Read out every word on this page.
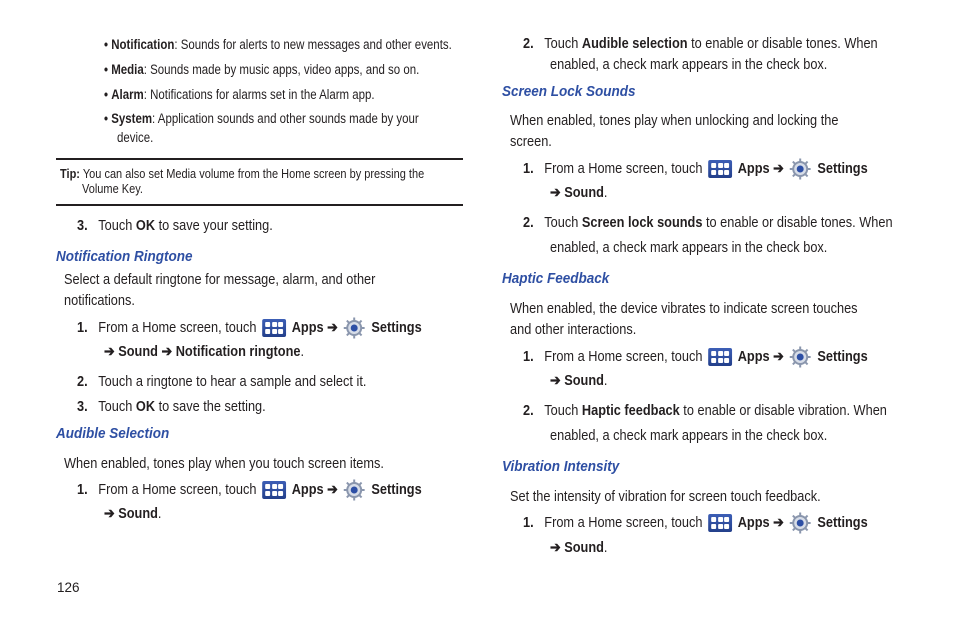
• Notification: Sounds for alerts to new messages and other events.
• Media: Sounds made by music apps, video apps, and so on.
• Alarm: Notifications for alarms set in the Alarm app.
• System: Application sounds and other sounds made by your
device.
Tip: You can also set Media volume from the Home screen by pressing the
Volume Key.
3. Touch OK to save your setting.
Notification Ringtone
Select a default ringtone for message, alarm, and other
notifications.
1. From a Home screen, touch Apps ➔ Settings
➔ Sound ➔ Notification ringtone.
2. Touch a ringtone to hear a sample and select it.
3. Touch OK to save the setting.
Audible Selection
When enabled, tones play when you touch screen items.
1. From a Home screen, touch Apps ➔ Settings
➔ Sound.
2. Touch Audible selection to enable or disable tones. When
enabled, a check mark appears in the check box.
Screen Lock Sounds
When enabled, tones play when unlocking and locking the
screen.
1. From a Home screen, touch Apps ➔ Settings
➔ Sound.
2. Touch Screen lock sounds to enable or disable tones. When
enabled, a check mark appears in the check box.
Haptic Feedback
When enabled, the device vibrates to indicate screen touches
and other interactions.
1. From a Home screen, touch Apps ➔ Settings
➔ Sound.
2. Touch Haptic feedback to enable or disable vibration. When
enabled, a check mark appears in the check box.
Vibration Intensity
Set the intensity of vibration for screen touch feedback.
1. From a Home screen, touch Apps ➔ Settings
➔ Sound.
126
